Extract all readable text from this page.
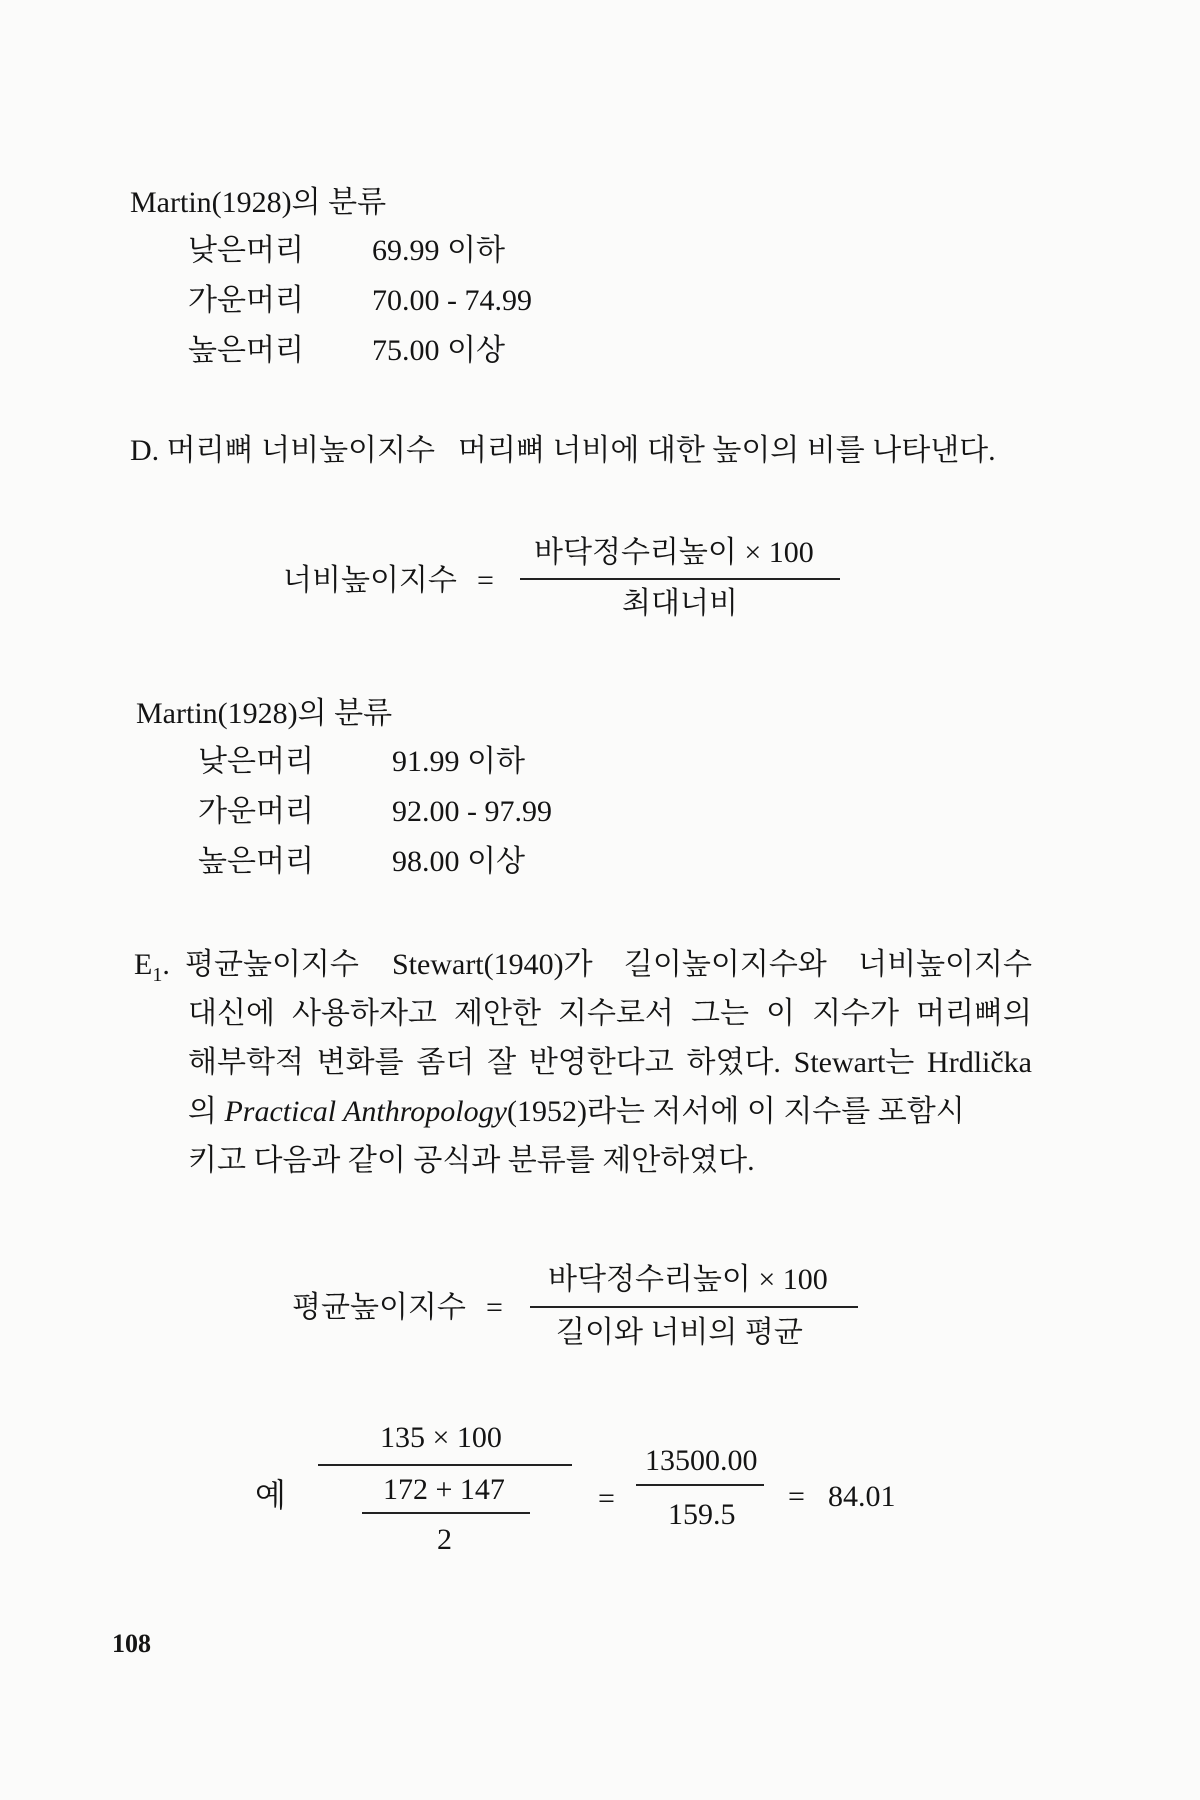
Martin(1928)의 분류
낮은머리 69.99 이하
가운머리 70.00 - 74.99
높은머리 75.00 이상
D. 머리뼈 너비높이지수 머리뼈 너비에 대한 높이의 비를 나타낸다.
너비높이지수 =
바닥정수리높이 × 100
최대너비
Martin(1928)의 분류
낮은머리	91.99 이하
가운머리	92.00 - 97.99
높은머리	98.00 이상
$E_1$. 평균높이지수 Stewart(1940)가 길이높이지수와 너비높이지수
대신에 사용하자고 제안한 지수로서 그는 이 지수가 머리뼈의
해부학적 변화를 좀더 잘 반영한다고 하였다. Stewart는 Hrdlička
의 Practical Anthropology(1952)라는 저서에 이 지수를 포함시
키고 다음과 같이 공식과 분류를 제안하였다.
평균높이지수 =
바닥정수리높이 × 100
길이와 너비의 평균
예
135 × 100
172 + 147
2
=
13500.00
159.5
= 84.01
108
